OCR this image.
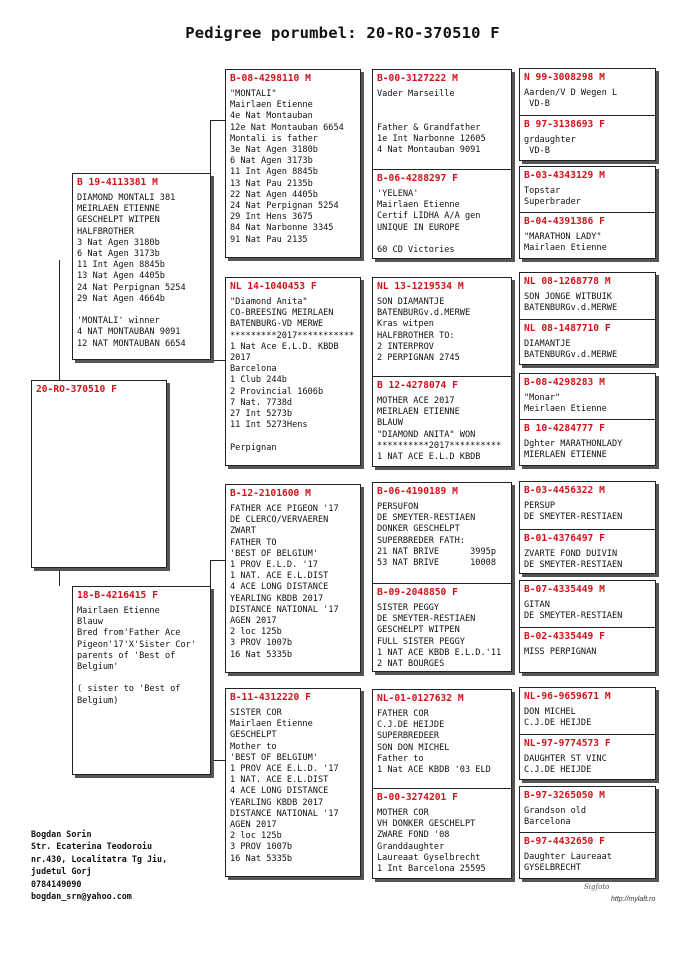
Pedigree porumbel: 20-RO-370510 F
20-RO-370510 F
B 19-4113381 M
DIAMOND MONTALI 381
MEIRLAEN ETIENNE
GESCHELPT WITPEN
HALFBROTHER
3 Nat Agen 3180b
6 Nat Agen 3173b
11 Int Agen 8845b
13 Nat Agen 4405b
24 Nat Perpignan 5254
29 Nat Agen 4664b

'MONTALI' winner
4 NAT MONTAUBAN 9091
12 NAT MONTAUBAN 6654
18-B-4216415 F
Mairlaen Etienne
Blauw
Bred from'Father Ace
Pigeon'17'X'Sister Cor'
parents of 'Best of
Belgium'

( sister to 'Best of
Belgium)
B-08-4298110 M
"MONTALI"
Mairlaen Etienne
4e Nat Montauban
12e Nat Montauban 6654
Montali is father
3e Nat Agen 3180b
6 Nat Agen 3173b
11 Int Agen 8845b
13 Nat Pau 2135b
22 Nat Agen 4405b
24 Nat Perpignan 5254
29 Int Hens 3675
84 Nat Narbonne 3345
91 Nat Pau 2135
NL 14-1040453 F
"Diamond Anita"
CO-BREESING MEIRLAEN
BATENBURG-VD MERWE
*********2017***********
1 Nat Ace E.L.D. KBDB
2017
Barcelona
1 Club 244b
2 Provincial 1606b
7 Nat. 7738d
27 Int 5273b
11 Int 5273Hens

Perpignan
B-12-2101600 M
FATHER ACE PIGEON '17
DE CLERCO/VERVAEREN
ZWART
FATHER TO
'BEST OF BELGIUM'
1 PROV E.L.D. '17
1 NAT. ACE E.L.DIST
4 ACE LONG DISTANCE
YEARLING KBDB 2017
DISTANCE NATIONAL '17
AGEN 2017
2 loc 125b
3 PROV 1007b
16 Nat 5335b
B-11-4312220 F
SISTER COR
Mairlaen Etienne
GESCHELPT
Mother to
'BEST OF BELGIUM'
1 PROV ACE E.L.D. '17
1 NAT. ACE E.L.DIST
4 ACE LONG DISTANCE
YEARLING KBDB 2017
DISTANCE NATIONAL '17
AGEN 2017
2 loc 125b
3 PROV 1007b
16 Nat 5335b
B-00-3127222 M
Vader Marseille

Father & Grandfather
1e Int Narbonne 12605
4 Nat Montauban 9091
B-06-4288297 F
'YELENA'
Mairlaen Etienne
Certif LIDHA A/A gen
UNIQUE IN EUROPE

60 CD Victories
NL 13-1219534 M
SON DIAMANTJE
BATENBURGv.d.MERWE
Kras witpen
HALFBROTHER TO:
2 INTERPROV
2 PERPIGNAN 2745
B 12-4278074 F
MOTHER ACE 2017
MEIRLAEN ETIENNE
BLAUW
"DIAMOND ANITA" WON
**********2017**********
1 NAT ACE E.L.D KBDB
B-06-4190189 M
PERSUFON
DE SMEYTER-RESTIAEN
DONKER GESCHELPT
SUPERBREDER FATH:
21 NAT BRIVE      3995p
53 NAT BRIVE      10008
B-09-2048850 F
SISTER PEGGY
DE SMEYTER-RESTIAEN
GESCHELPT WITPEN
FULL SISTER PEGGY
1 NAT ACE KBDB E.L.D.'11
2 NAT BOURGES
NL-01-0127632 M
FATHER COR
C.J.DE HEIJDE
SUPERBREDEER
SON DON MICHEL
Father to
1 Nat ACE KBDB '03 ELD
B-00-3274201 F
MOTHER COR
VH DONKER GESCHELPT
ZWARE FOND '08
Granddaughter
Laureaat Gyselbrecht
1 Int Barcelona 25595
N 99-3008298 M
Aarden/V D Wegen L
VD-B
B 97-3138693 F
grdaughter
VD-B
B-03-4343129 M
Topstar
Superbrader
B-04-4391386 F
"MARATHON LADY"
Mairlaen Etienne
NL 08-1268778 M
SON JONGE WITBUIK
BATENBURGv.d.MERWE
NL 08-1487710 F
DIAMANTJE
BATENBURGv.d.MERWE
B-08-4298283 M
"Monar"
Meirlaen Etienne
B 10-4284777 F
Dghter MARATHONLADY
MIERLAEN ETIENNE
B-03-4456322 M
PERSUP
DE SMEYTER-RESTIAEN
B-01-4376497 F
ZVARTE FOND DUIVIN
DE SMEYTER-RESTIAEN
B-07-4335449 M
GITAN
DE SMEYTER-RESTIAEN
B-02-4335449 F
MISS PERPIGNAN
NL-96-9659671 M
DON MICHEL
C.J.DE HEIJDE
NL-97-9774573 F
DAUGHTER ST VINC
C.J.DE HEIJDE
B-97-3265050 M
Grandson old
Barcelona
B-97-4432650 F
Daughter Laureaat
GYSELBRECHT
Bogdan Sorin
Str. Ecaterina Teodoroiu
nr.430, Localitatra Tg Jiu,
judetul Gorj
0784149090
bogdan_srn@yahoo.com
Sigfoto
http://mylaft.ro
